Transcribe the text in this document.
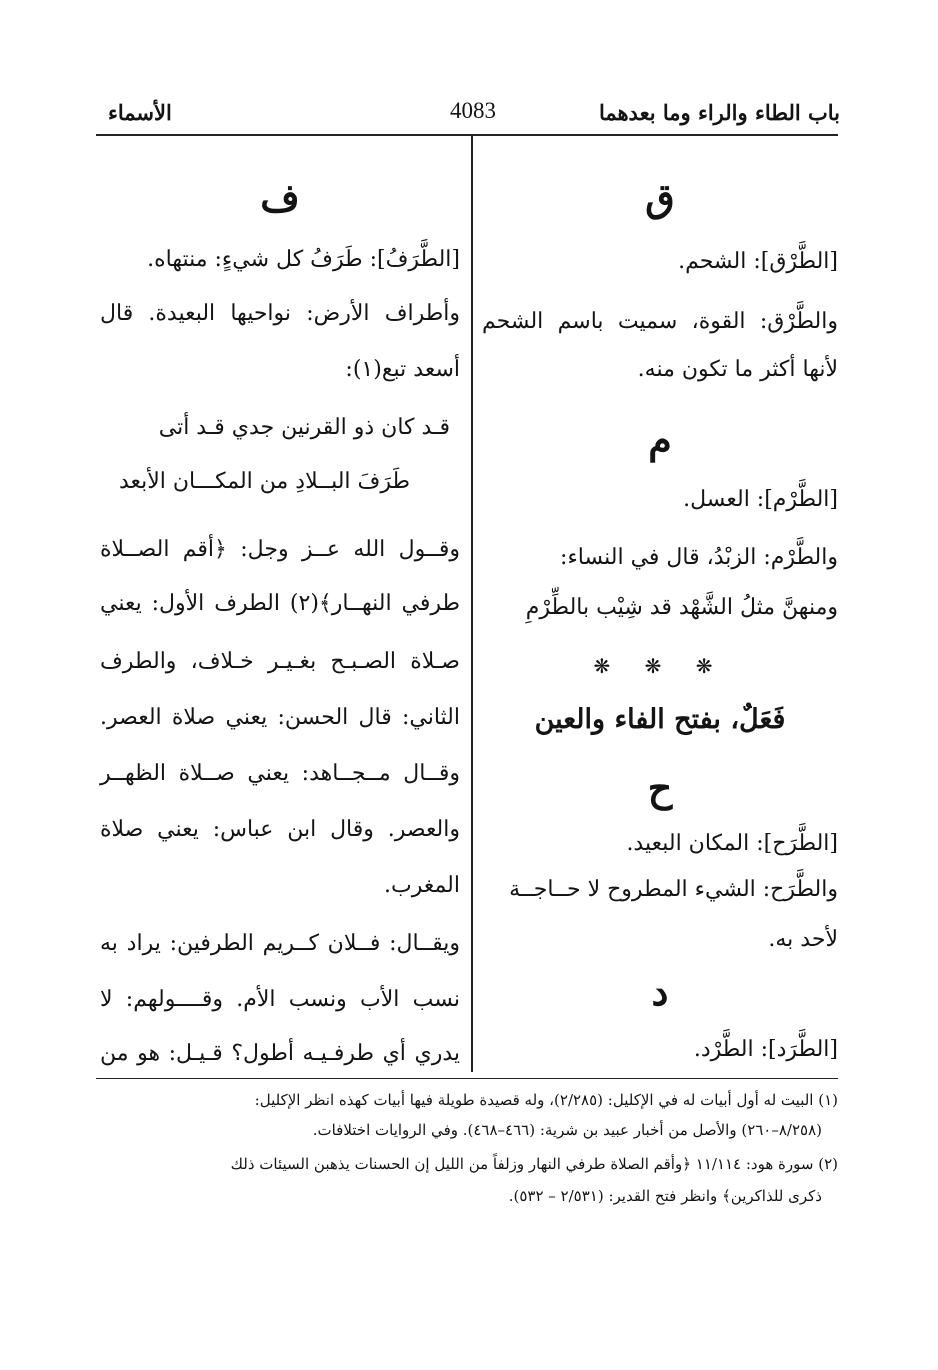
باب الطاء والراء وما بعدهما
4083
الأسماء
ق
[الطَّرْق]: الشحم.
والطَّرْق: القوة، سميت باسم الشحم
لأنها أكثر ما تكون منه.
م
[الطَّرْم]: العسل.
والطَّرْم: الزبْدُ، قال في النساء:
ومنهنَّ مثلُ الشَّهْد قد شِيْب بالطِّرْمِ
❋ ❋ ❋
فَعَلٌ، بفتح الفاء والعين
ح
[الطَّرَح]: المكان البعيد.
والطَّرَح: الشيء المطروح لا حــاجــة
لأحد به.
د
[الطَّرَد]: الطَّرْد.
ف
[الطَّرَفُ]: طَرَفُ كل شيءٍ: منتهاه.
وأطراف الأرض: نواحيها البعيدة. قال
أسعد تبع(١):
قـد كان ذو القرنين جدي قـد أتى
طَرَفَ البــلادِ من المكـــان الأبعد
وقــول الله عــز وجل: ﴿أقم الصــلاة
طرفي النهــار﴾(٢) الطرف الأول: يعني
صـلاة الصـبـح بغـيـر خـلاف، والطرف
الثاني: قال الحسن: يعني صلاة العصر.
وقــال مــجــاهد: يعني صــلاة الظهــر
والعصر. وقال ابن عباس: يعني صلاة
المغرب.
ويقــال: فــلان كــريم الطرفين: يراد به
نسب الأب ونسب الأم. وقــــولهم: لا
يدري أي طرفـيـه أطول؟ قـيـل: هو من
(١) البيت له أول أبيات له في الإكليل: (٢/٢٨٥)، وله قصيدة طويلة فيها أبيات كهذه انظر الإكليل:
(٨/٢٥٨–٢٦٠) والأصل من أخبار عبيد بن شرية: (٤٦٦–٤٦٨). وفي الروايات اختلافات.
(٢) سورة هود: ١١/١١٤ ﴿وأقم الصلاة طرفي النهار وزلفاً من الليل إن الحسنات يذهبن السيئات ذلك
ذكرى للذاكرين﴾ وانظر فتح القدير: (٢/٥٣١ – ٥٣٢).
